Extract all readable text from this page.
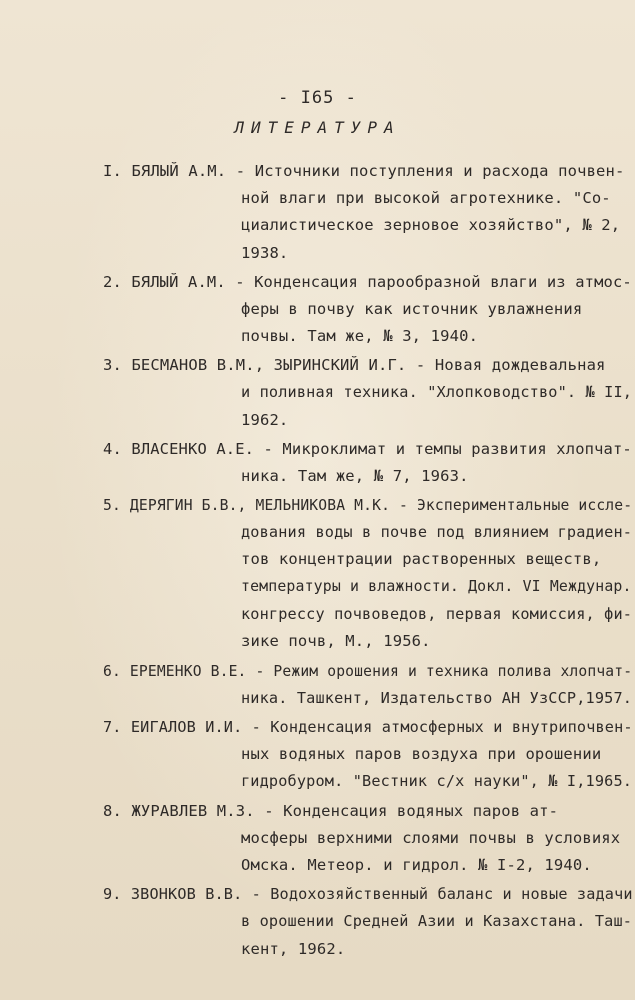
- I65 -
ЛИТЕРАТУРА
I. БЯЛЫЙ А.М. - Источники поступления и расхода почвен-
ной влаги при высокой агротехнике. "Со-
циалистическое зерновое хозяйство", № 2,
1938.
2. БЯЛЫЙ А.М. - Конденсация парообразной влаги из атмос-
феры в почву как источник увлажнения
почвы. Там же, № 3, 1940.
3. БЕСМАНОВ В.М., ЗЫРИНСКИЙ И.Г. - Новая дождевальная
и поливная техника. "Хлопководство". № II,
1962.
4. ВЛАСЕНКО А.Е. - Микроклимат и темпы развития хлопчат-
ника. Там же, № 7, 1963.
5. ДЕРЯГИН Б.В., МЕЛЬНИКОВА М.К. - Экспериментальные иссле-
дования воды в почве под влиянием градиен-
тов концентрации растворенных веществ,
температуры и влажности. Докл. VI Междунар.
конгрессу почвоведов, первая комиссия, фи-
зике почв, М., 1956.
6. ЕРЕМЕНКО В.Е. - Режим орошения и техника полива хлопчат-
ника. Ташкент, Издательство АН УзССР,1957.
7. ЕИГАЛОВ И.И. - Конденсация атмосферных и внутрипочвен-
ных водяных паров воздуха при орошении
гидробуром. "Вестник с/х науки", № I,1965.
8. ЖУРАВЛЕВ М.З. - Конденсация водяных паров ат-
мосферы верхними слоями почвы в условиях
Омска. Метеор. и гидрол. № I-2, 1940.
9. ЗВОНКОВ В.В. - Водохозяйственный баланс и новые задачи
в орошении Средней Азии и Казахстана. Таш-
кент, 1962.
